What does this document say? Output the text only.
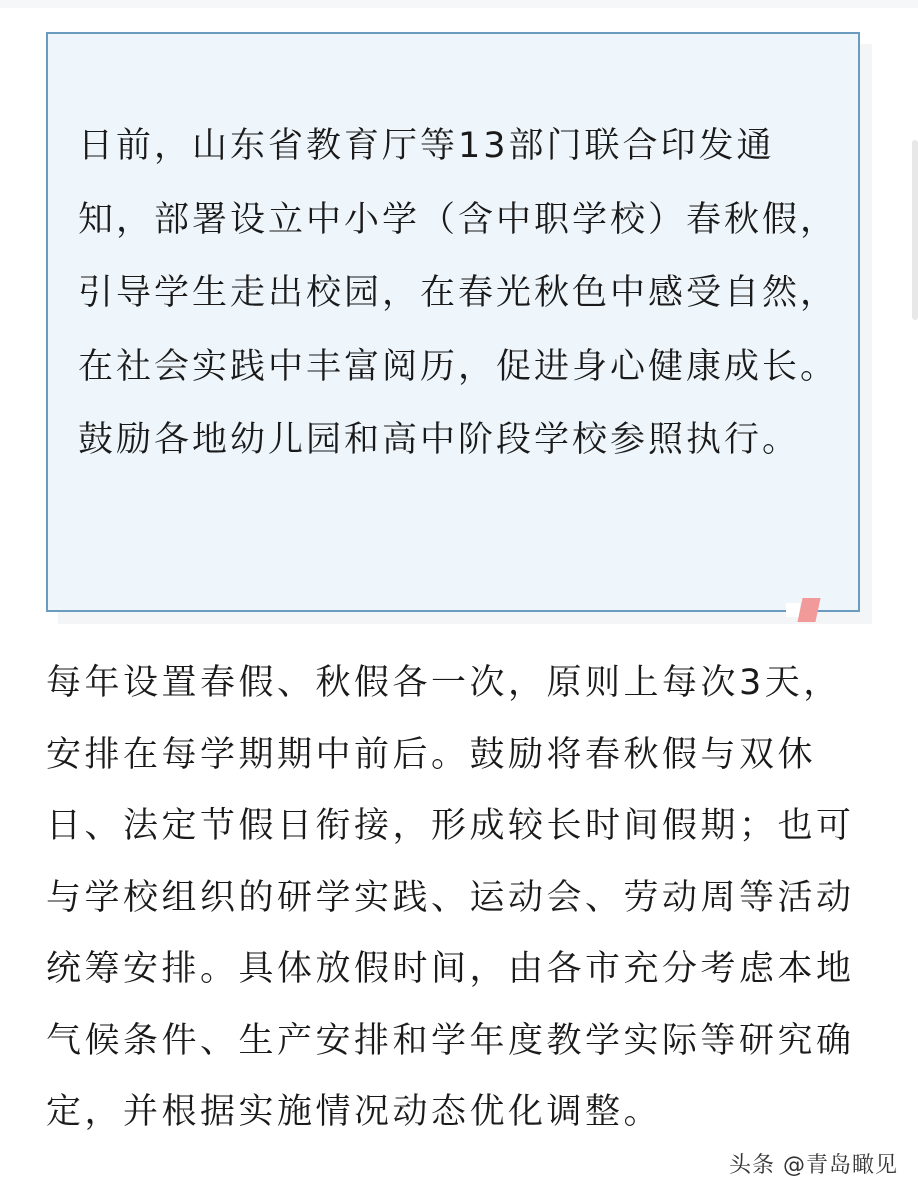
日前，山东省教育厅等13部门联合印发通知，部署设立中小学（含中职学校）春秋假，引导学生走出校园，在春光秋色中感受自然，在社会实践中丰富阅历，促进身心健康成长。鼓励各地幼儿园和高中阶段学校参照执行。

每年设置春假、秋假各一次，原则上每次3天，安排在每学期期中前后。鼓励将春秋假与双休日、法定节假日衔接，形成较长时间假期；也可与学校组织的研学实践、运动会、劳动周等活动统筹安排。具体放假时间，由各市充分考虑本地气候条件、生产安排和学年度教学实际等研究确定，并根据实施情况动态优化调整。

头条 @青岛瞰见
